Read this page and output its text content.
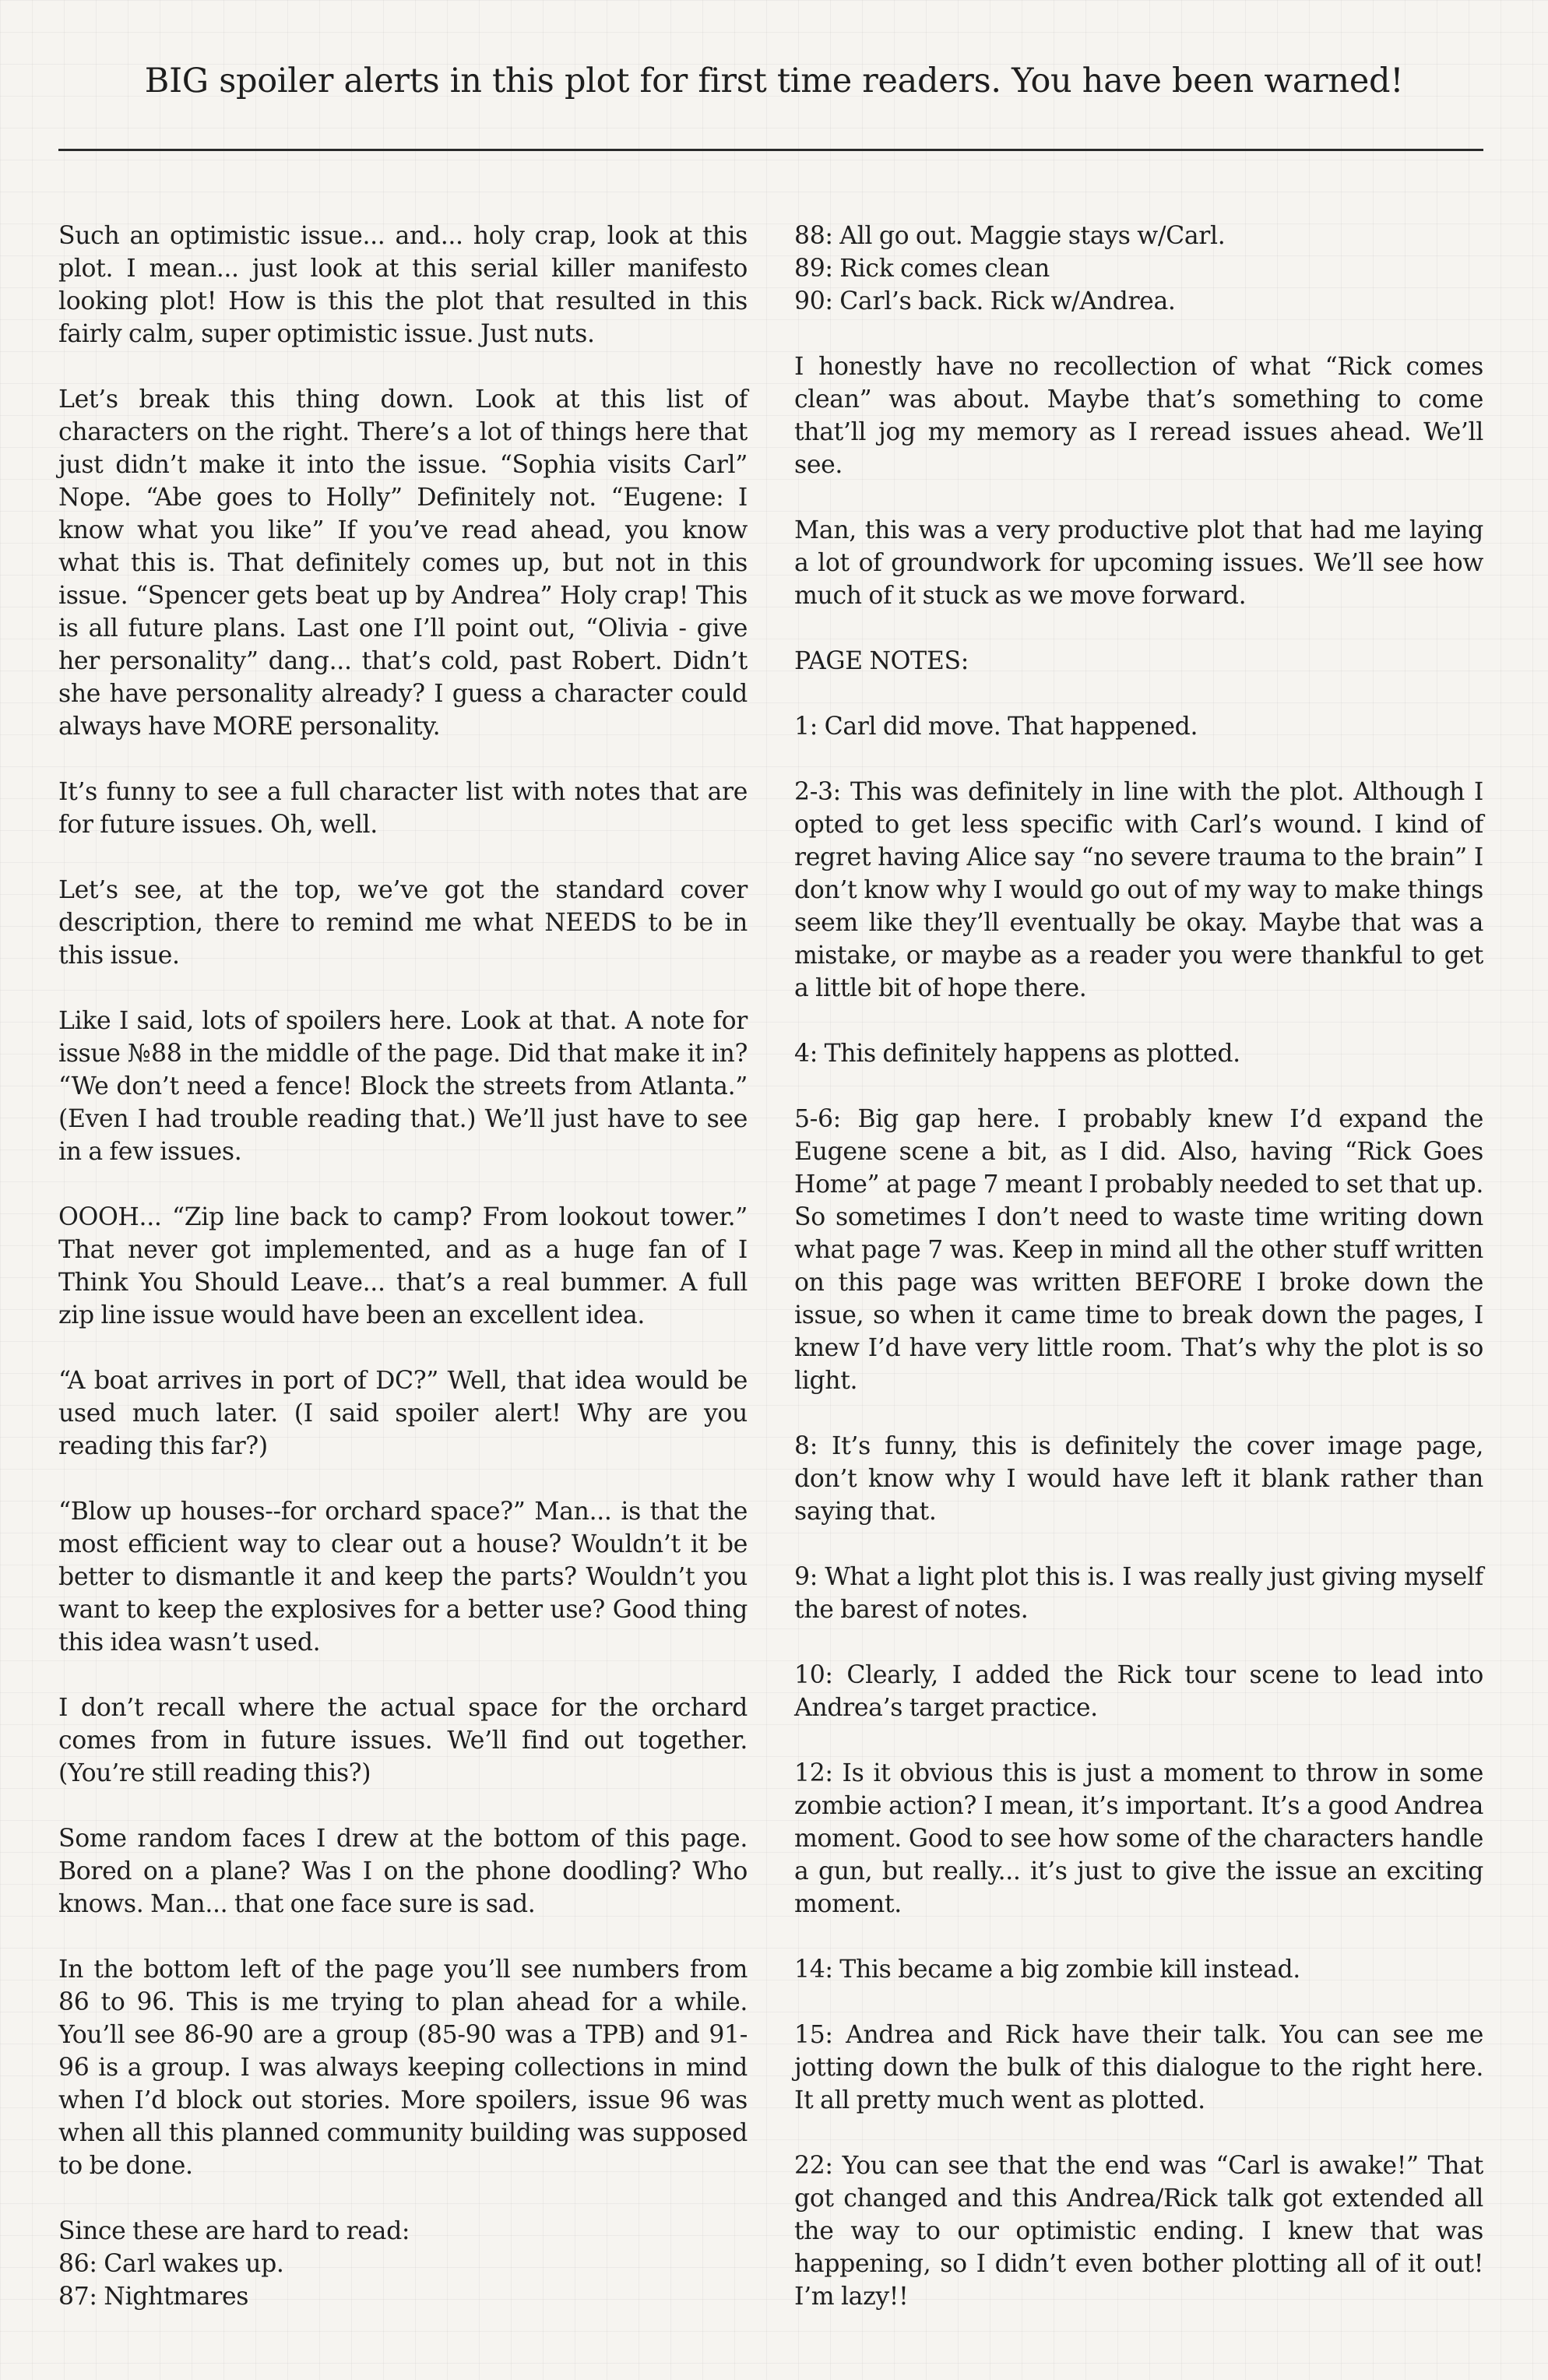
BIG spoiler alerts in this plot for first time readers. You have been warned!

Such an optimistic issue... and... holy crap, look at this plot. I mean... just look at this serial killer manifesto looking plot! How is this the plot that resulted in this fairly calm, super optimistic issue. Just nuts.

Let’s break this thing down. Look at this list of characters on the right. There’s a lot of things here that just didn’t make it into the issue. “Sophia visits Carl” Nope. “Abe goes to Holly” Definitely not. “Eugene: I know what you like” If you’ve read ahead, you know what this is. That definitely comes up, but not in this issue. “Spencer gets beat up by Andrea” Holy crap! This is all future plans. Last one I’ll point out, “Olivia - give her personality” dang... that’s cold, past Robert. Didn’t she have personality already? I guess a character could always have MORE personality.

It’s funny to see a full character list with notes that are for future issues. Oh, well.

Let’s see, at the top, we’ve got the standard cover description, there to remind me what NEEDS to be in this issue.

Like I said, lots of spoilers here. Look at that. A note for issue №88 in the middle of the page. Did that make it in? “We don’t need a fence! Block the streets from Atlanta.” (Even I had trouble reading that.) We’ll just have to see in a few issues.

OOOH... “Zip line back to camp? From lookout tower.” That never got implemented, and as a huge fan of I Think You Should Leave... that’s a real bummer. A full zip line issue would have been an excellent idea.

“A boat arrives in port of DC?” Well, that idea would be used much later. (I said spoiler alert! Why are you reading this far?)

“Blow up houses--for orchard space?” Man... is that the most efficient way to clear out a house? Wouldn’t it be better to dismantle it and keep the parts? Wouldn’t you want to keep the explosives for a better use? Good thing this idea wasn’t used.

I don’t recall where the actual space for the orchard comes from in future issues. We’ll find out together. (You’re still reading this?)

Some random faces I drew at the bottom of this page. Bored on a plane? Was I on the phone doodling? Who knows. Man... that one face sure is sad.

In the bottom left of the page you’ll see numbers from 86 to 96. This is me trying to plan ahead for a while. You’ll see 86-90 are a group (85-90 was a TPB) and 91-96 is a group. I was always keeping collections in mind when I’d block out stories. More spoilers, issue 96 was when all this planned community building was supposed to be done.

Since these are hard to read:
86: Carl wakes up.
87: Nightmares

88: All go out. Maggie stays w/Carl.
89: Rick comes clean
90: Carl’s back. Rick w/Andrea.

I honestly have no recollection of what “Rick comes clean” was about. Maybe that’s something to come that’ll jog my memory as I reread issues ahead. We’ll see.

Man, this was a very productive plot that had me laying a lot of groundwork for upcoming issues. We’ll see how much of it stuck as we move forward.

PAGE NOTES:

1: Carl did move. That happened.

2-3: This was definitely in line with the plot. Although I opted to get less specific with Carl’s wound. I kind of regret having Alice say “no severe trauma to the brain” I don’t know why I would go out of my way to make things seem like they’ll eventually be okay. Maybe that was a mistake, or maybe as a reader you were thankful to get a little bit of hope there.

4: This definitely happens as plotted.

5-6: Big gap here. I probably knew I’d expand the Eugene scene a bit, as I did. Also, having “Rick Goes Home” at page 7 meant I probably needed to set that up. So sometimes I don’t need to waste time writing down what page 7 was. Keep in mind all the other stuff written on this page was written BEFORE I broke down the issue, so when it came time to break down the pages, I knew I’d have very little room. That’s why the plot is so light.

8: It’s funny, this is definitely the cover image page, don’t know why I would have left it blank rather than saying that.

9: What a light plot this is. I was really just giving myself the barest of notes.

10: Clearly, I added the Rick tour scene to lead into Andrea’s target practice.

12: Is it obvious this is just a moment to throw in some zombie action? I mean, it’s important. It’s a good Andrea moment. Good to see how some of the characters handle a gun, but really... it’s just to give the issue an exciting moment.

14: This became a big zombie kill instead.

15: Andrea and Rick have their talk. You can see me jotting down the bulk of this dialogue to the right here. It all pretty much went as plotted.

22: You can see that the end was “Carl is awake!” That got changed and this Andrea/Rick talk got extended all the way to our optimistic ending. I knew that was happening, so I didn’t even bother plotting all of it out! I’m lazy!!
